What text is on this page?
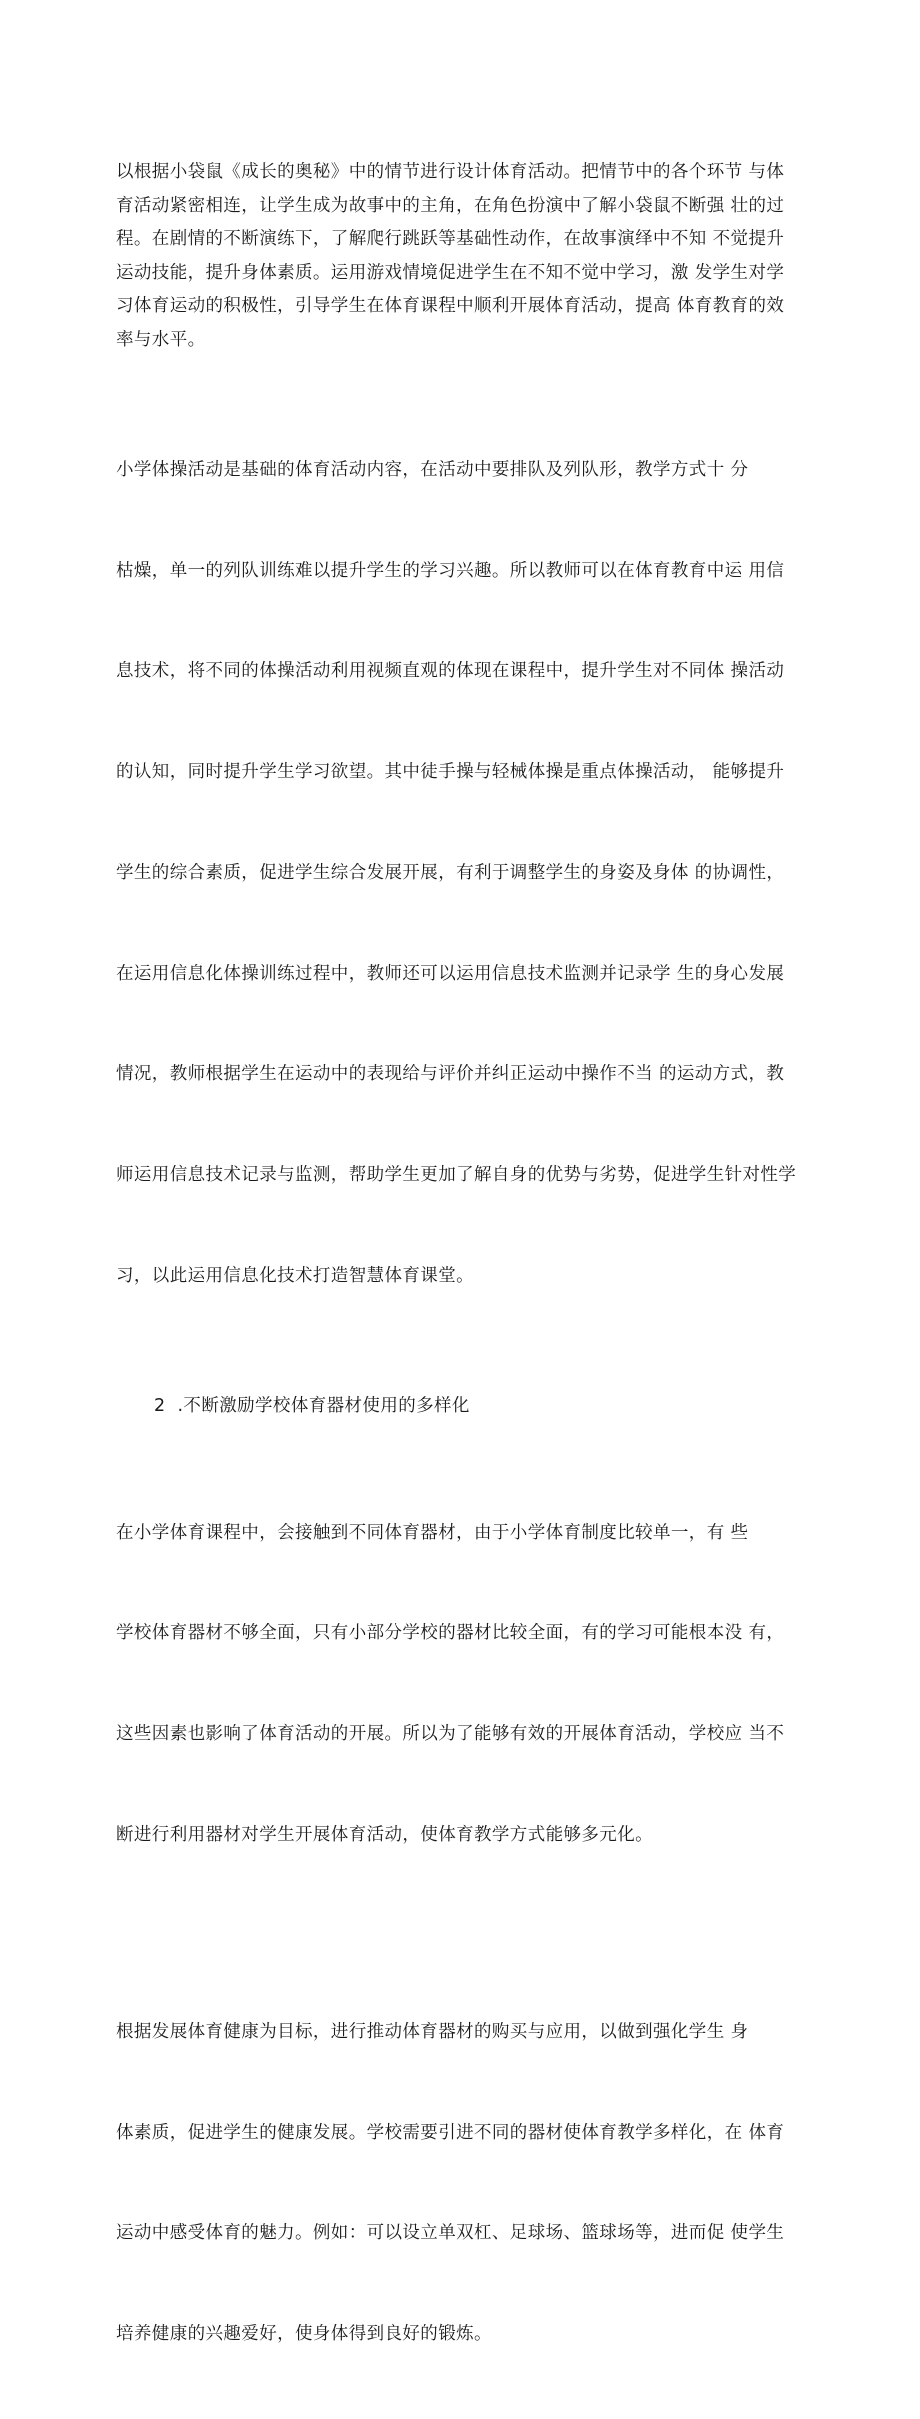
以根据小袋鼠《成长的奥秘》中的情节进行设计体育活动。把情节中的各个环节 与体
育活动紧密相连，让学生成为故事中的主角，在角色扮演中了解小袋鼠不断强 壮的过
程。在剧情的不断演练下，了解爬行跳跃等基础性动作，在故事演绎中不知 不觉提升
运动技能，提升身体素质。运用游戏情境促进学生在不知不觉中学习，激 发学生对学
习体育运动的积极性，引导学生在体育课程中顺利开展体育活动，提高 体育教育的效
率与水平。

小学体操活动是基础的体育活动内容，在活动中要排队及列队形，教学方式十 分

枯燥，单一的列队训练难以提升学生的学习兴趣。所以教师可以在体育教育中运 用信

息技术，将不同的体操活动利用视频直观的体现在课程中，提升学生对不同体 操活动

的认知，同时提升学生学习欲望。其中徒手操与轻械体操是重点体操活动， 能够提升

学生的综合素质，促进学生综合发展开展，有利于调整学生的身姿及身体 的协调性，

在运用信息化体操训练过程中，教师还可以运用信息技术监测并记录学 生的身心发展

情况，教师根据学生在运动中的表现给与评价并纠正运动中操作不当 的运动方式，教

师运用信息技术记录与监测，帮助学生更加了解自身的优势与劣势，促进学生针对性学

习，以此运用信息化技术打造智慧体育课堂。

2  .不断激励学校体育器材使用的多样化

在小学体育课程中，会接触到不同体育器材，由于小学体育制度比较单一，有 些

学校体育器材不够全面，只有小部分学校的器材比较全面，有的学习可能根本没 有，

这些因素也影响了体育活动的开展。所以为了能够有效的开展体育活动，学校应 当不

断进行利用器材对学生开展体育活动，使体育教学方式能够多元化。

根据发展体育健康为目标，进行推动体育器材的购买与应用，以做到强化学生 身

体素质，促进学生的健康发展。学校需要引进不同的器材使体育教学多样化，在 体育

运动中感受体育的魅力。例如：可以设立单双杠、足球场、篮球场等，进而促 使学生

培养健康的兴趣爱好，使身体得到良好的锻炼。
